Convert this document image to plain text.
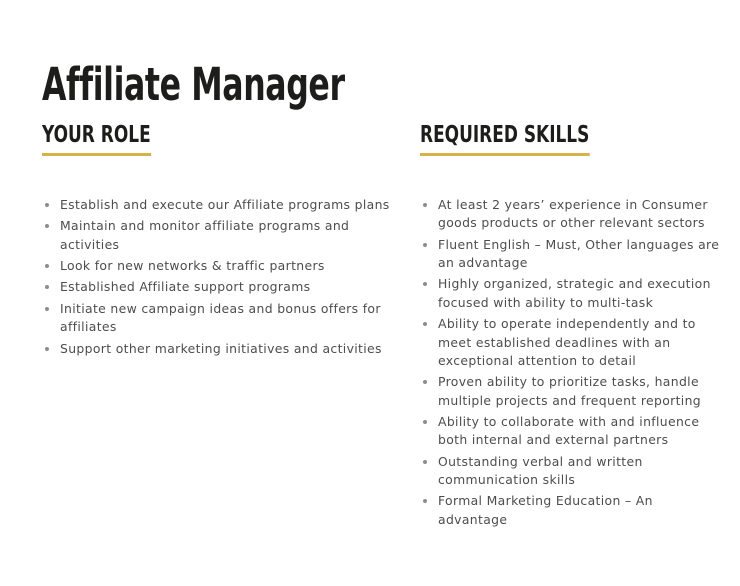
Affiliate Manager
YOUR ROLE
Establish and execute our Affiliate programs plans
Maintain and monitor affiliate programs and activities
Look for new networks & traffic partners
Established Affiliate support programs
Initiate new campaign ideas and bonus offers for affiliates
Support other marketing initiatives and activities
REQUIRED SKILLS
At least 2 years’ experience in Consumer goods products or other relevant sectors
Fluent English – Must, Other languages are an advantage
Highly organized, strategic and execution focused with ability to multi-task
Ability to operate independently and to meet established deadlines with an exceptional attention to detail
Proven ability to prioritize tasks, handle multiple projects and frequent reporting
Ability to collaborate with and influence both internal and external partners
Outstanding verbal and written communication skills
Formal Marketing Education – An advantage
